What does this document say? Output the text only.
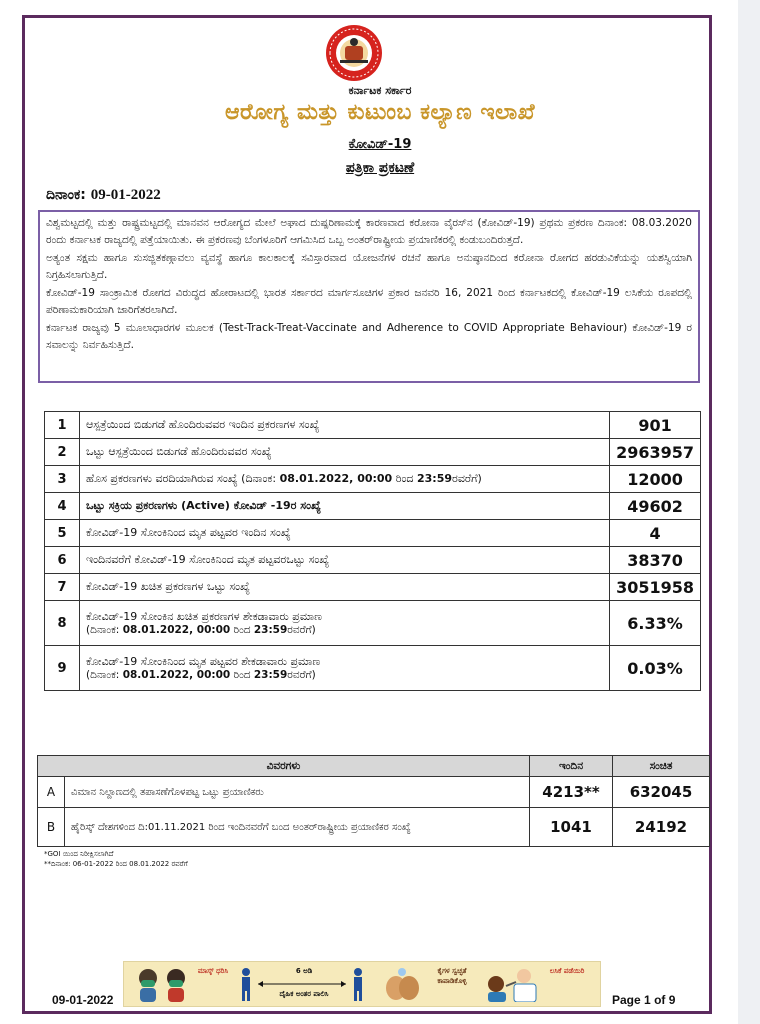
ಕರ್ನಾಟಕ ಸರ್ಕಾರ
ಆರೋಗ್ಯ ಮತ್ತು ಕುಟುಂಬ ಕಲ್ಯಾಣ ಇಲಾಖೆ
ಕೋವಿಡ್-19
ಪತ್ರಿಕಾ ಪ್ರಕಟಣೆ
ದಿನಾಂಕ: 09-01-2022

ವಿಶ್ವಮಟ್ಟದಲ್ಲಿ ಮತ್ತು ರಾಷ್ಟ್ರಮಟ್ಟದಲ್ಲಿ ಮಾನವನ ಆರೋಗ್ಯದ ಮೇಲೆ ಅಘಾದ ದುಷ್ಪರಿಣಾಮಕ್ಕೆ ಕಾರಣವಾದ ಕರೋನಾ ವೈರಸ್‌ನ (ಕೋವಿಡ್-19) ಪ್ರಥಮ ಪ್ರಕರಣ ದಿನಾಂಕ: 08.03.2020 ರಂದು ಕರ್ನಾಟಕ ರಾಜ್ಯದಲ್ಲಿ ಪತ್ತೆಯಾಯಿತು. ಈ ಪ್ರಕರಣವು ಬೆಂಗಳೂರಿಗೆ ಆಗಮಿಸಿದ ಒಬ್ಬ ಅಂತರ್‌ರಾಷ್ಟ್ರೀಯ ಪ್ರಯಾಣಿಕರಲ್ಲಿ ಕಂಡುಬಂದಿರುತ್ತದೆ.

ಅತ್ಯಂತ ಸಕ್ಷಮ ಹಾಗೂ ಸುಸಜ್ಜಿತಕಣ್ಗಾವಲು ವ್ಯವಸ್ಥೆ ಹಾಗೂ ಕಾಲಕಾಲಕ್ಕೆ ಸವಿಸ್ತಾರವಾದ ಯೋಜನೆಗಳ ರಚನೆ ಹಾಗೂ ಅನುಷ್ಠಾನದಿಂದ ಕರೋನಾ ರೋಗದ ಹರಡುವಿಕೆಯನ್ನು ಯಶಸ್ವಿಯಾಗಿ ನಿಗ್ರಹಿಸಲಾಗುತ್ತಿದೆ.

ಕೋವಿಡ್-19 ಸಾಂಕ್ರಾಮಿಕ ರೋಗದ ವಿರುದ್ಧದ ಹೋರಾಟದಲ್ಲಿ ಭಾರತ ಸರ್ಕಾರದ ಮಾರ್ಗಸೂಚಿಗಳ ಪ್ರಕಾರ ಜನವರಿ 16, 2021 ರಿಂದ ಕರ್ನಾಟಕದಲ್ಲಿ ಕೋವಿಡ್-19 ಲಸಿಕೆಯ ರೂಪದಲ್ಲಿ ಪರಿಣಾಮಕಾರಿಯಾಗಿ ಜಾರಿಗೆತರಲಾಗಿದೆ.

ಕರ್ನಾಟಕ ರಾಜ್ಯವು 5 ಮೂಲಾಧಾರಗಳ ಮೂಲಕ (Test-Track-Treat-Vaccinate and Adherence to COVID Appropriate Behaviour) ಕೋವಿಡ್-19 ರ ಸವಾಲನ್ನು ನಿರ್ವಹಿಸುತ್ತಿದೆ.

1	ಆಸ್ಪತ್ರೆಯಿಂದ ಬಿಡುಗಡೆ ಹೊಂದಿರುವವರ ಇಂದಿನ ಪ್ರಕರಣಗಳ ಸಂಖ್ಯೆ	901
2	ಒಟ್ಟು ಆಸ್ಪತ್ರೆಯಿಂದ ಬಿಡುಗಡೆ ಹೊಂದಿರುವವರ ಸಂಖ್ಯೆ	2963957
3	ಹೊಸ ಪ್ರಕರಣಗಳು ವರದಿಯಾಗಿರುವ ಸಂಖ್ಯೆ (ದಿನಾಂಕ: 08.01.2022, 00:00 ರಿಂದ 23:59ರವರೆಗೆ)	12000
4	ಒಟ್ಟು ಸಕ್ರಿಯ ಪ್ರಕರಣಗಳು (Active) ಕೋವಿಡ್ -19ರ ಸಂಖ್ಯೆ	49602
5	ಕೋವಿಡ್-19 ಸೋಂಕಿನಿಂದ ಮೃತ ಪಟ್ಟವರ ಇಂದಿನ ಸಂಖ್ಯೆ	4
6	ಇಂದಿನವರೆಗೆ ಕೋವಿಡ್-19 ಸೋಂಕಿನಿಂದ ಮೃತ ಪಟ್ಟವರಒಟ್ಟು ಸಂಖ್ಯೆ	38370
7	ಕೋವಿಡ್-19 ಖಚಿತ ಪ್ರಕರಣಗಳ ಒಟ್ಟು ಸಂಖ್ಯೆ	3051958
8	ಕೋವಿಡ್-19 ಸೋಂಕಿನ ಖಚಿತ ಪ್ರಕರಣಗಳ ಶೇಕಡಾವಾರು ಪ್ರಮಾಣ
(ದಿನಾಂಕ: 08.01.2022, 00:00 ರಿಂದ 23:59ರವರೆಗೆ)	6.33%
9	ಕೋವಿಡ್-19 ಸೋಂಕಿನಿಂದ ಮೃತ ಪಟ್ಟವರ ಶೇಕಡಾವಾರು ಪ್ರಮಾಣ
(ದಿನಾಂಕ: 08.01.2022, 00:00 ರಿಂದ 23:59ರವರೆಗೆ)	0.03%
ವಿವರಗಳು		ಇಂದಿನ	ಸಂಚಿತ
A	ವಿಮಾನ ನಿಲ್ದಾಣದಲ್ಲಿ ತಪಾಸಣೆಗೊಳಪಟ್ಟ ಒಟ್ಟು ಪ್ರಯಾಣಿಕರು	4213**	632045
B	ಹೈರಿಸ್ಕ್ ದೇಶಗಳಿಂದ ದಿ:01.11.2021 ರಿಂದ ಇಂದಿನವರೆಗೆ ಬಂದ ಅಂತರ್‌ರಾಷ್ಟ್ರೀಯ ಪ್ರಯಾಣಿಕರ ಸಂಖ್ಯೆ	1041	24192
*GOI ಯಿಂದ ನಿರೀಕ್ಷಿಸಲಾಗಿದೆ
**ದಿನಾಂಕ: 06-01-2022 ರಿಂದ 08.01.2022 ರವರೆಗೆ
ಮಾಸ್ಕ್ ಧರಿಸಿ	6 ಅಡಿ
ದೈಹಿಕ ಅಂತರ ಪಾಲಿಸಿ
ಕೈಗಳ ಸ್ವಚ್ಛತೆ ಕಾಪಾಡಿಕೊಳ್ಳಿ
ಲಸಿಕೆ ಪಡೆಯಿರಿ
09-01-2022	Page 1 of 9
